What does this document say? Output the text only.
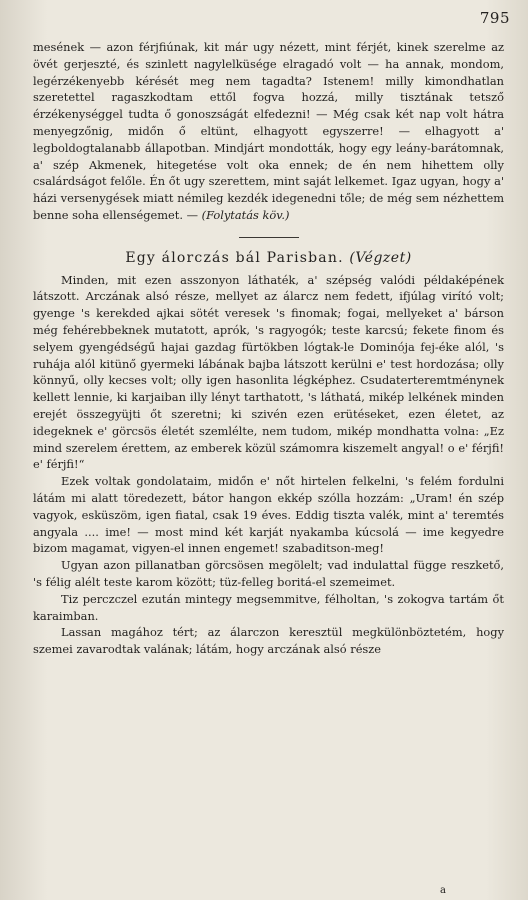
795

mesének — azon férjfiúnak, kit már ugy nézett, mint férjét, kinek szerelme az övét gerjeszté, és szinlett nagylelküsége elragadó volt — ha annak, mondom, legérzékenyebb kérését meg nem tagadta? Istenem! milly kimondhatlan szeretettel ragaszkodtam ettől fogva hozzá, milly tisztának tetsző érzékenységgel tudta ő gonoszságát elfedezni! — Még csak két nap volt hátra menyegzőnig, midőn ő eltünt, elhagyott egyszerre! — elhagyott a' legboldogtalanabb állapotban. Mindjárt mondották, hogy egy leány-barátomnak, a' szép Akmenek, hitegetése volt oka ennek; de én nem hihettem olly csalárdságot felőle. Én őt ugy szerettem, mint saját lelkemet. Igaz ugyan, hogy a' házi versenygések miatt némileg kezdék idegenedni tőle; de még sem nézhettem benne soha ellenségemet. — (Folytatás köv.)

Egy álorczás bál Parisban. (Végzet)

Minden, mit ezen asszonyon láthaték, a' szépség valódi példaképének látszott. Arczának alsó része, mellyet az álarcz nem fedett, ifjúlag virító volt; gyenge 's kerekded ajkai sötét veresek 's finomak; fogai, mellyeket a' bárson még fehérebbeknek mutatott, aprók, 's ragyogók; teste karcsú; fekete finom és selyem gyengédségű hajai gazdag fürtökben lógtak-le Dominója fej-éke alól, 's ruhája alól kitünő gyermeki lábának bajba látszott kerülni e' test hordozása; olly könnyű, olly kecses volt; olly igen hasonlita légképhez. Csudaterteremtménynek kellett lennie, ki karjaiban illy lényt tarthatott, 's láthatá, mikép lelkének minden erejét összegyüjti őt szeretni; ki szivén ezen erütéseket, ezen életet, az idegeknek e' görcsös életét szemlélte, nem tudom, mikép mondhatta volna: „Ez mind szerelem érettem, az emberek közül számomra kiszemelt angyal! o e' férjfi! e' férjfi!“

Ezek voltak gondolataim, midőn e' nőt hirtelen felkelni, 's felém fordulni látám mi alatt töredezett, bátor hangon ekkép szólla hozzám: „Uram! én szép vagyok, esküszöm, igen fiatal, csak 19 éves. Eddig tiszta valék, mint a' teremtés angyala .... ime! — most mind két karját nyakamba kúcsolá — ime kegyedre bizom magamat, vigyen-el innen engemet! szabaditson-meg!

Ugyan azon pillanatban görcsösen megölelt; vad indulattal függe reszkető, 's félig alélt teste karom között; tüz-felleg boritá-el szemeimet.

Tiz perczczel ezután mintegy megsemmitve, félholtan, 's zokogva tartám őt karaimban.

Lassan magához tért; az álarczon keresztül megkülönböztetém, hogy szemei zavarodtak valának; látám, hogy arczának alsó része

a
